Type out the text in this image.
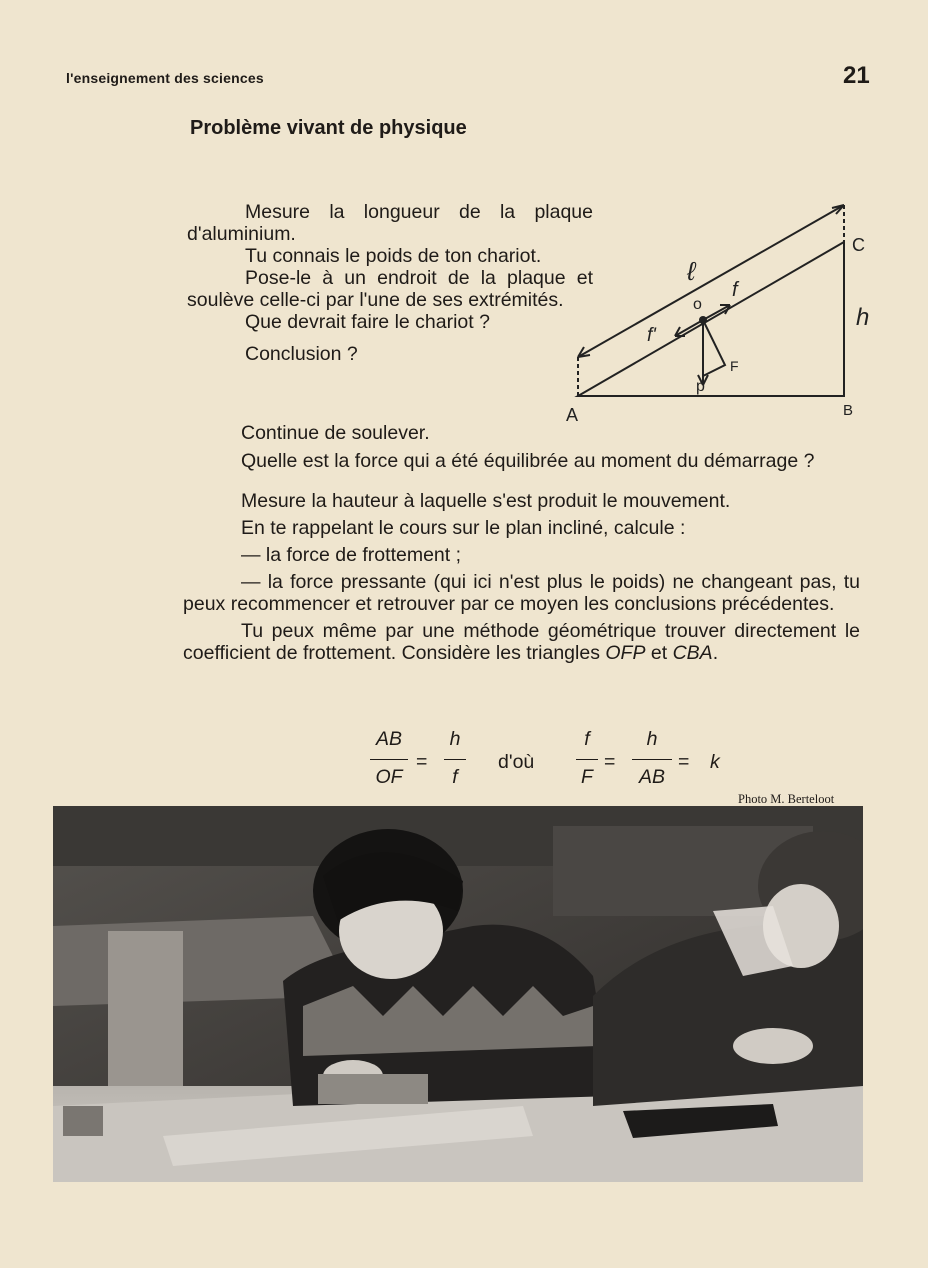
l'enseignement des sciences	21
Problème vivant de physique

Mesure la longueur de la plaque d'aluminium.

Tu connais le poids de ton chariot.

Pose-le à un endroit de la plaque et soulève celle-ci par l'une de ses extrémités.

Que devrait faire le chariot ?

Conclusion ?

A	B
C
ℓ
h
o
f
f'
F
p

Continue de soulever.

Quelle est la force qui a été équilibrée au moment du démarrage ?

Mesure la hauteur à laquelle s'est produit le mouvement.

En te rappelant le cours sur le plan incliné, calcule :

— la force de frottement ;

— la force pressante (qui ici n'est plus le poids) ne changeant pas, tu peux recommencer et retrouver par ce moyen les conclusions précédentes.

Tu peux même par une méthode géométrique trouver directement le coefficient de frottement. Considère les triangles OFP et CBA.

AB
OF
=
h
f
d'où
f
F
=
h
AB
= k
Photo M. Berteloot
